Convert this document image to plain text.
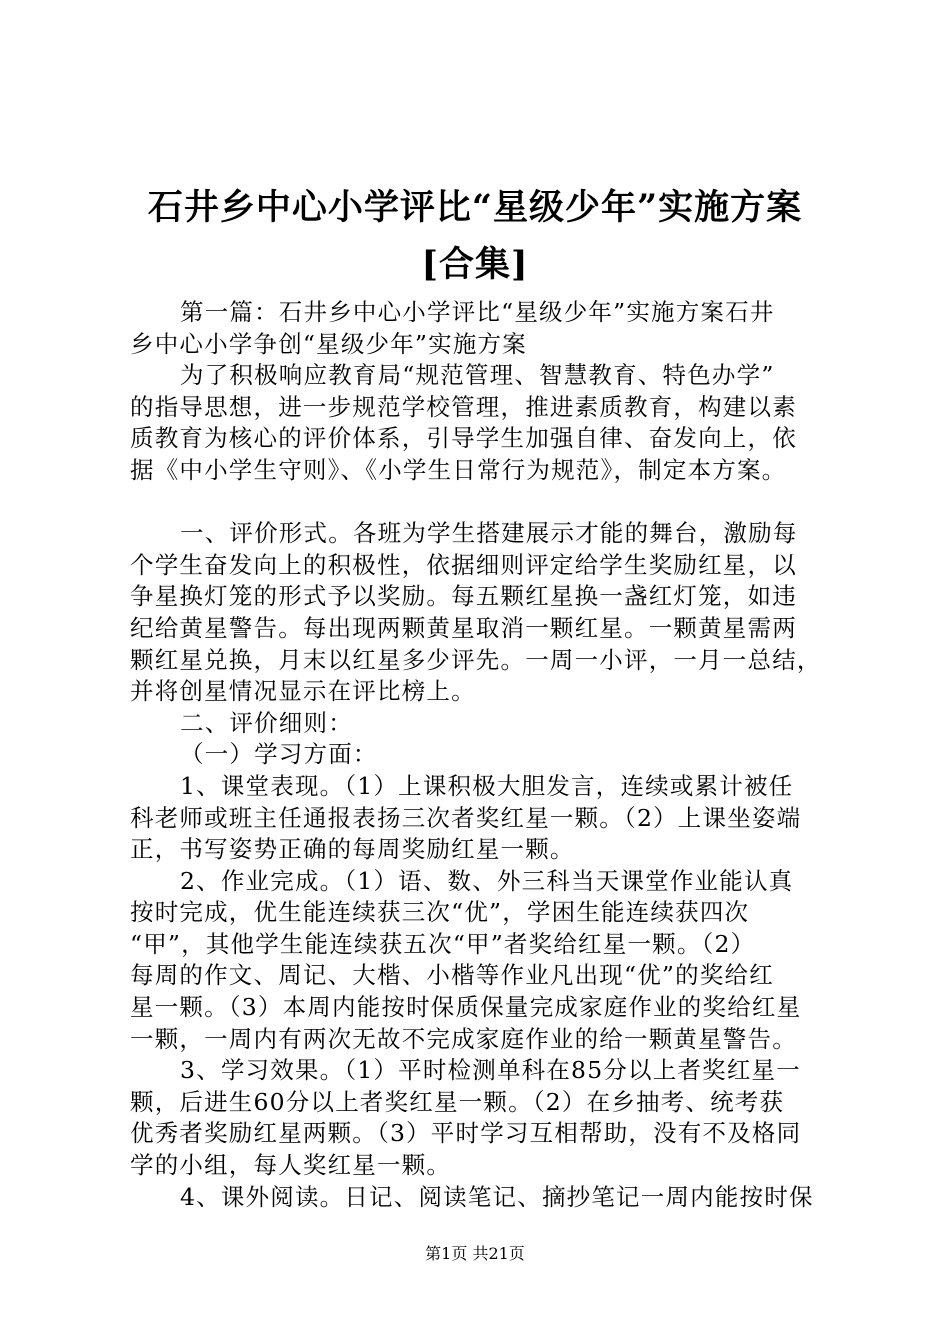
石井乡中心小学评比“星级少年”实施方案
[合集]
第一篇：石井乡中心小学评比“星级少年”实施方案石井
乡中心小学争创“星级少年”实施方案
为了积极响应教育局“规范管理、智慧教育、特色办学”
的指导思想，进一步规范学校管理，推进素质教育，构建以素
质教育为核心的评价体系，引导学生加强自律、奋发向上，依
据《中小学生守则》、《小学生日常行为规范》，制定本方案。
一、评价形式。各班为学生搭建展示才能的舞台，激励每
个学生奋发向上的积极性，依据细则评定给学生奖励红星，以
争星换灯笼的形式予以奖励。每五颗红星换一盏红灯笼，如违
纪给黄星警告。每出现两颗黄星取消一颗红星。一颗黄星需两
颗红星兑换，月末以红星多少评先。一周一小评，一月一总结，
并将创星情况显示在评比榜上。
二、评价细则：
（一）学习方面：
1、课堂表现。（1）上课积极大胆发言，连续或累计被任
科老师或班主任通报表扬三次者奖红星一颗。（2）上课坐姿端
正，书写姿势正确的每周奖励红星一颗。
2、作业完成。（1）语、数、外三科当天课堂作业能认真
按时完成，优生能连续获三次“优”，学困生能连续获四次
“甲”，其他学生能连续获五次“甲”者奖给红星一颗。（2）
每周的作文、周记、大楷、小楷等作业凡出现“优”的奖给红
星一颗。（3）本周内能按时保质保量完成家庭作业的奖给红星
一颗，一周内有两次无故不完成家庭作业的给一颗黄星警告。
3、学习效果。（1）平时检测单科在85分以上者奖红星一
颗，后进生60分以上者奖红星一颗。（2）在乡抽考、统考获
优秀者奖励红星两颗。（3）平时学习互相帮助，没有不及格同
学的小组，每人奖红星一颗。
4、课外阅读。日记、阅读笔记、摘抄笔记一周内能按时保
第1页 共21页
